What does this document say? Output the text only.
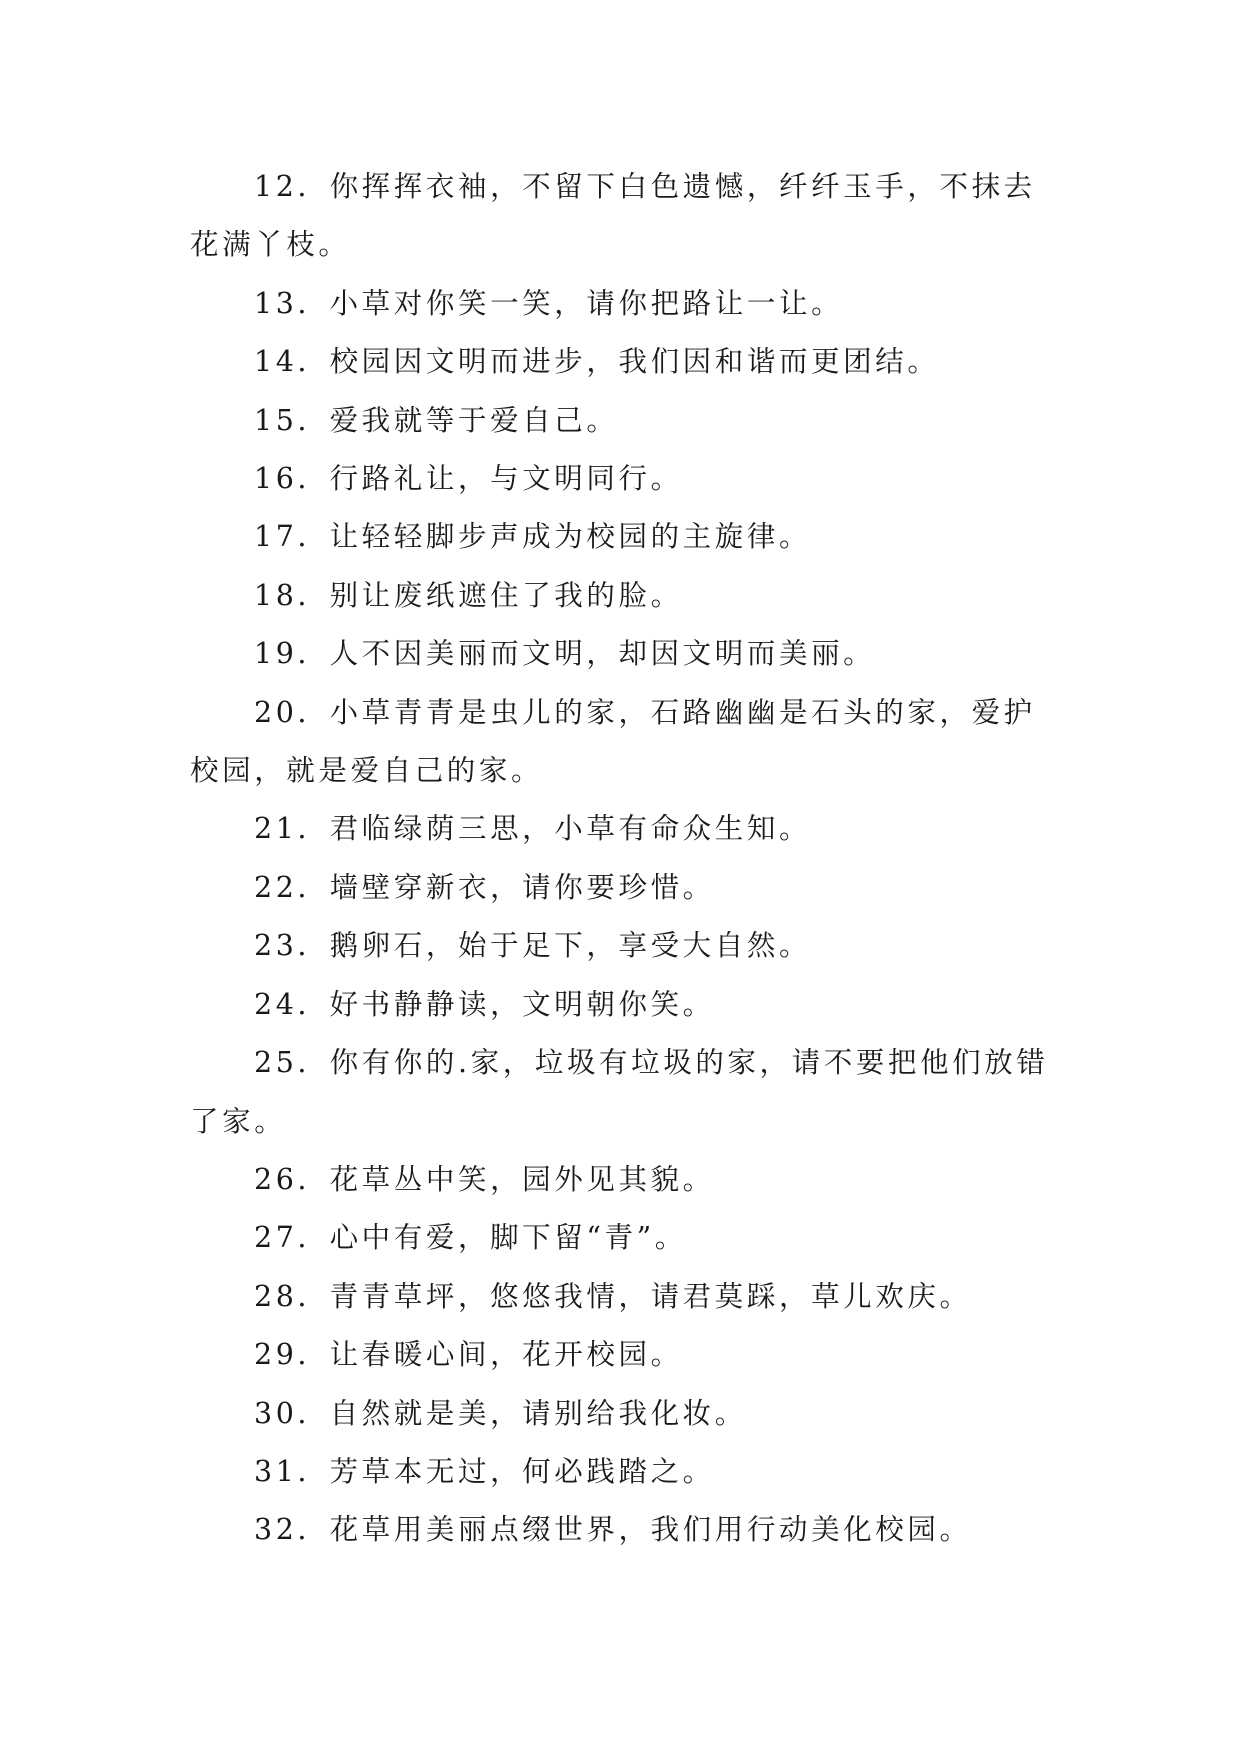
12．你挥挥衣袖，不留下白色遗憾，纤纤玉手，不抹去花满丫枝。

13．小草对你笑一笑，请你把路让一让。

14．校园因文明而进步，我们因和谐而更团结。

15．爱我就等于爱自己。

16．行路礼让，与文明同行。

17．让轻轻脚步声成为校园的主旋律。

18．别让废纸遮住了我的脸。

19．人不因美丽而文明，却因文明而美丽。

20．小草青青是虫儿的家，石路幽幽是石头的家，爱护校园，就是爱自己的家。

21．君临绿荫三思，小草有命众生知。

22．墙壁穿新衣，请你要珍惜。

23．鹅卵石，始于足下，享受大自然。

24．好书静静读，文明朝你笑。

25．你有你的.家，垃圾有垃圾的家，请不要把他们放错了家。

26．花草丛中笑，园外见其貌。

27．心中有爱，脚下留“青”。

28．青青草坪，悠悠我情，请君莫踩，草儿欢庆。

29．让春暖心间，花开校园。

30．自然就是美，请别给我化妆。

31．芳草本无过，何必践踏之。

32．花草用美丽点缀世界，我们用行动美化校园。
